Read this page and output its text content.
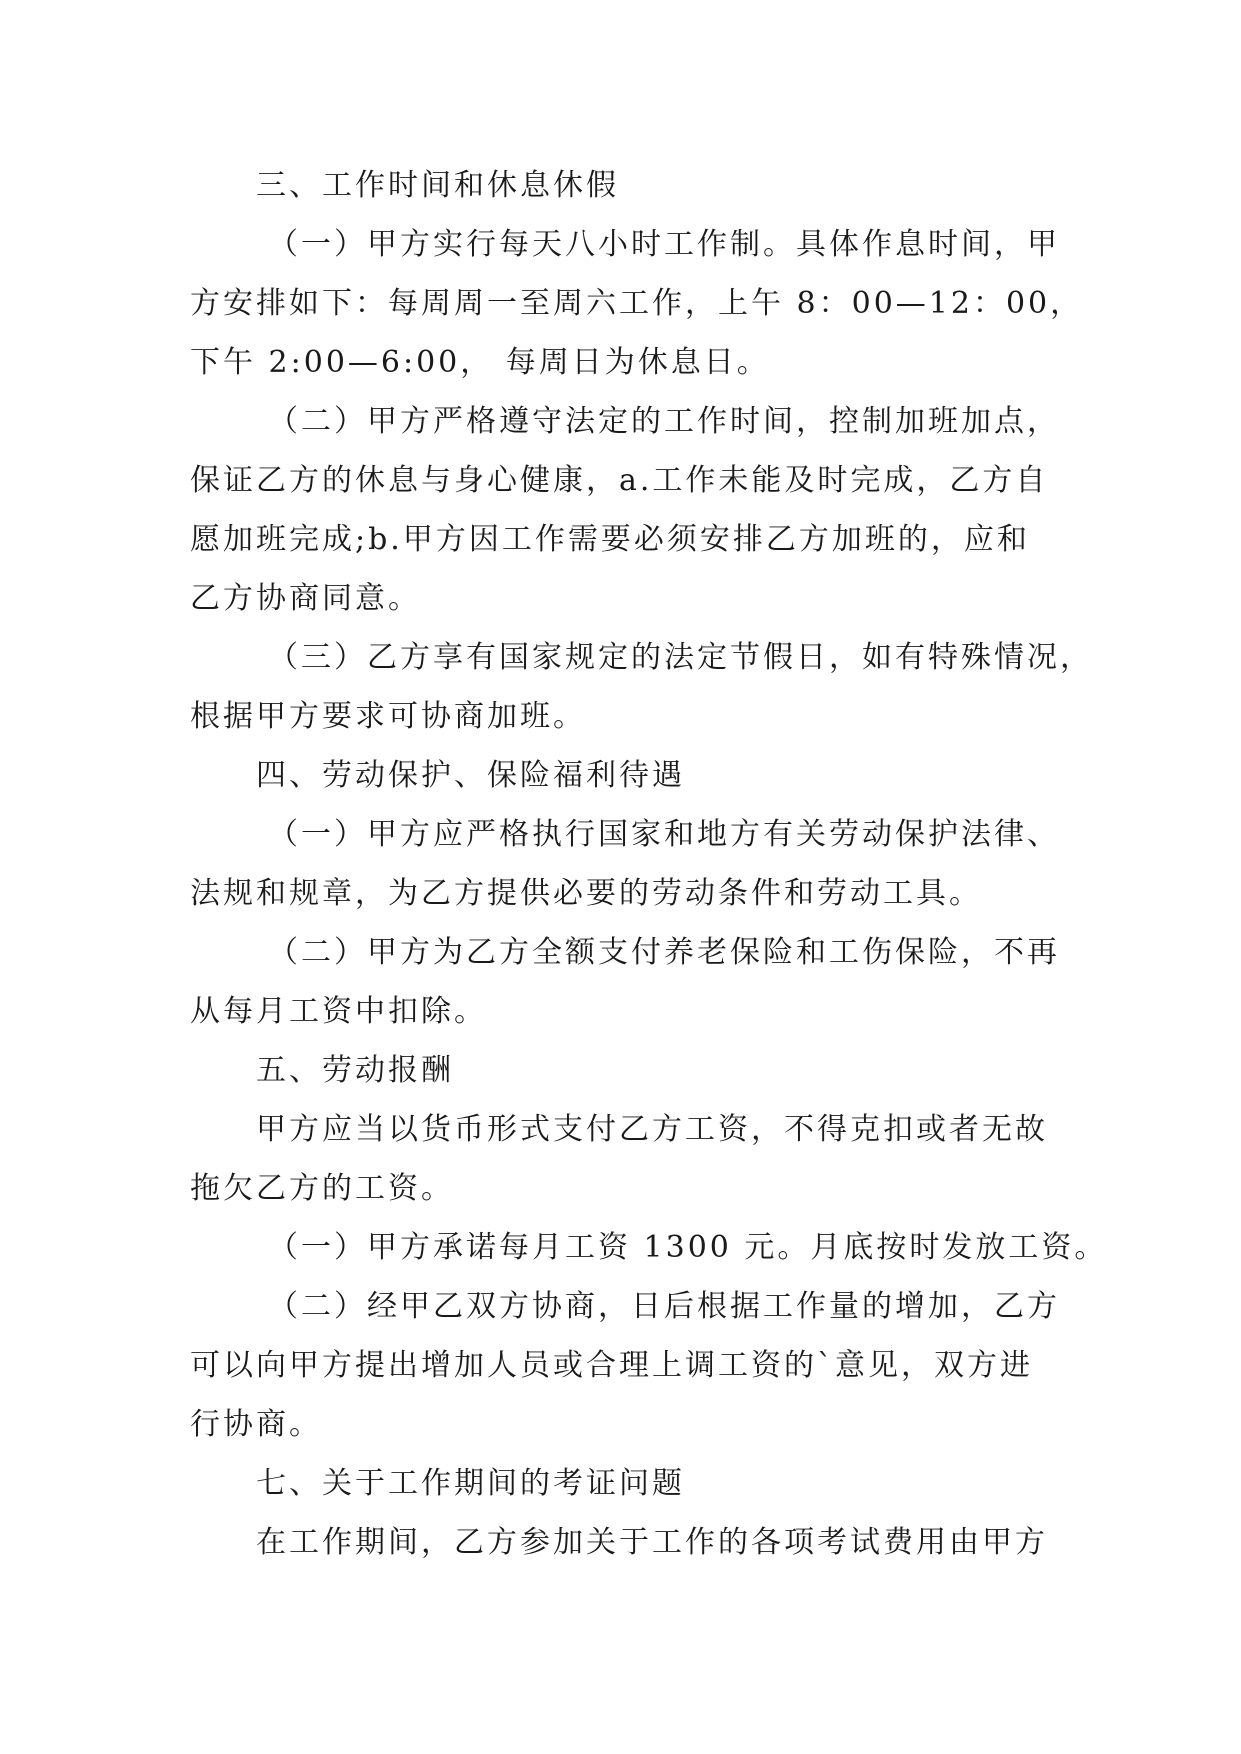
三、工作时间和休息休假
（一）甲方实行每天八小时工作制。具体作息时间，甲
方安排如下：每周周一至周六工作，上午 8：00—12：00，
下午 2:00—6:00， 每周日为休息日。
（二）甲方严格遵守法定的工作时间，控制加班加点，
保证乙方的休息与身心健康，a.工作未能及时完成，乙方自
愿加班完成;b.甲方因工作需要必须安排乙方加班的，应和
乙方协商同意。
（三）乙方享有国家规定的法定节假日，如有特殊情况，
根据甲方要求可协商加班。
四、劳动保护、保险福利待遇
（一）甲方应严格执行国家和地方有关劳动保护法律、
法规和规章，为乙方提供必要的劳动条件和劳动工具。
（二）甲方为乙方全额支付养老保险和工伤保险，不再
从每月工资中扣除。
五、劳动报酬
甲方应当以货币形式支付乙方工资，不得克扣或者无故
拖欠乙方的工资。
（一）甲方承诺每月工资 1300 元。月底按时发放工资。
（二）经甲乙双方协商，日后根据工作量的增加，乙方
可以向甲方提出增加人员或合理上调工资的`意见，双方进
行协商。
七、关于工作期间的考证问题
在工作期间，乙方参加关于工作的各项考试费用由甲方
